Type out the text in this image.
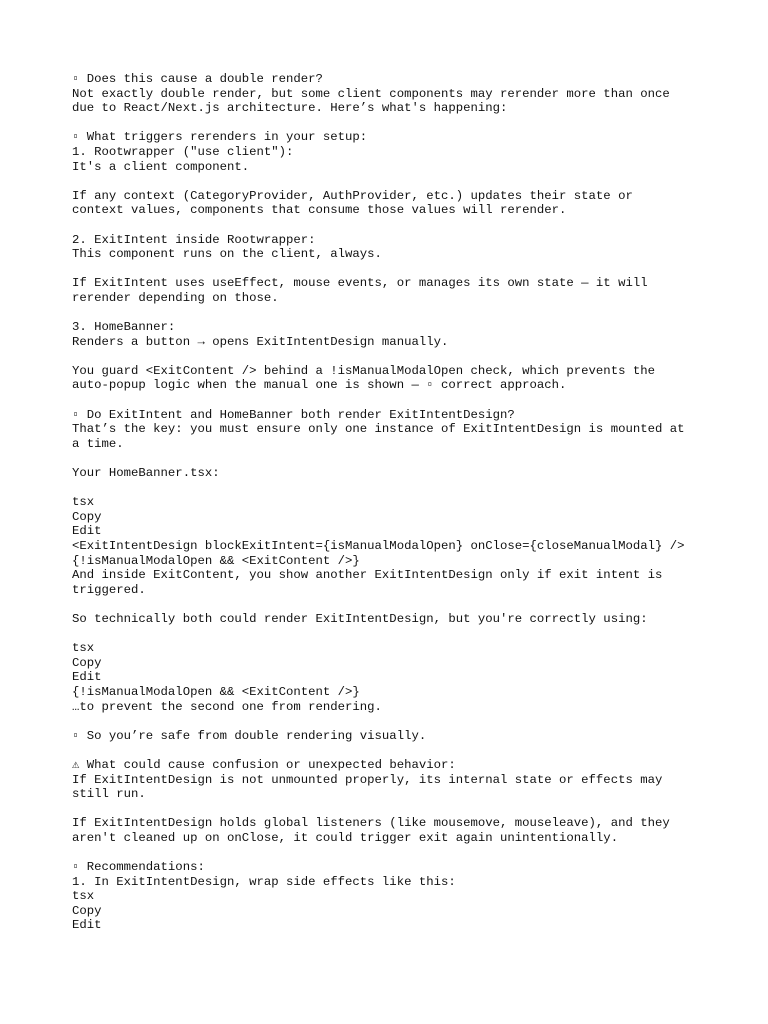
▫ Does this cause a double render?
Not exactly double render, but some client components may rerender more than once
due to React/Next.js architecture. Here’s what's happening:
▫ What triggers rerenders in your setup:
1. Rootwrapper ("use client"):
It's a client component.
If any context (CategoryProvider, AuthProvider, etc.) updates their state or
context values, components that consume those values will rerender.
2. ExitIntent inside Rootwrapper:
This component runs on the client, always.
If ExitIntent uses useEffect, mouse events, or manages its own state — it will
rerender depending on those.
3. HomeBanner:
Renders a button → opens ExitIntentDesign manually.
You guard <ExitContent /> behind a !isManualModalOpen check, which prevents the
auto-popup logic when the manual one is shown — ▫ correct approach.
▫ Do ExitIntent and HomeBanner both render ExitIntentDesign?
That’s the key: you must ensure only one instance of ExitIntentDesign is mounted at
a time.
Your HomeBanner.tsx:
tsx
Copy
Edit
<ExitIntentDesign blockExitIntent={isManualModalOpen} onClose={closeManualModal} />
{!isManualModalOpen && <ExitContent />}
And inside ExitContent, you show another ExitIntentDesign only if exit intent is
triggered.
So technically both could render ExitIntentDesign, but you're correctly using:
tsx
Copy
Edit
{!isManualModalOpen && <ExitContent />}
…to prevent the second one from rendering.
▫ So you’re safe from double rendering visually.
⚠ What could cause confusion or unexpected behavior:
If ExitIntentDesign is not unmounted properly, its internal state or effects may
still run.
If ExitIntentDesign holds global listeners (like mousemove, mouseleave), and they
aren't cleaned up on onClose, it could trigger exit again unintentionally.
▫ Recommendations:
1. In ExitIntentDesign, wrap side effects like this:
tsx
Copy
Edit
